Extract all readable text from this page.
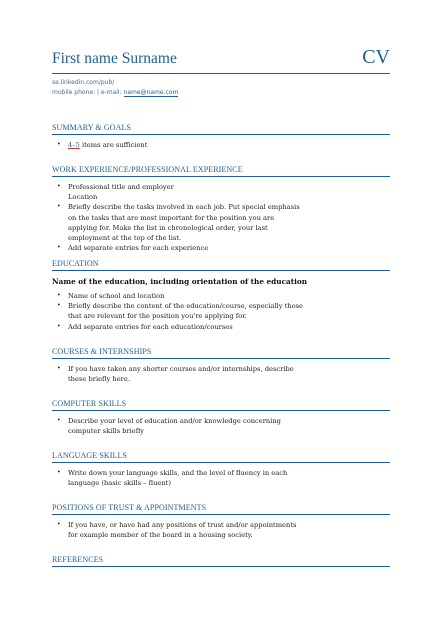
First name Surname	CV
se.linkedin.com/pub/
mobile phone: | e-mail: name@name.com
SUMMARY & GOALS
• 4–5 items are sufficient
WORK EXPERIENCE/PROFESSIONAL EXPERIENCE
• Professional title and employer
Location
• Briefly describe the tasks involved in each job. Put special emphasis
on the tasks that are most important for the position you are
applying for. Make the list in chronological order, your last
employment at the top of the list.
• Add separate entries for each experience
EDUCATION
Name of the education, including orientation of the education
• Name of school and location
• Briefly describe the content of the education/course, especially those
that are relevant for the position you're applying for.
• Add separate entries for each education/courses
COURSES & INTERNSHIPS
• If you have taken any shorter courses and/or internships, describe
these briefly here.
COMPUTER SKILLS
• Describe your level of education and/or knowledge concerning
computer skills briefly
LANGUAGE SKILLS
• Write down your language skills, and the level of fluency in each
language (basic skills – fluent)
POSITIONS OF TRUST & APPOINTMENTS
• If you have, or have had any positions of trust and/or appointments
for example member of the board in a housing society.
REFERENCES
